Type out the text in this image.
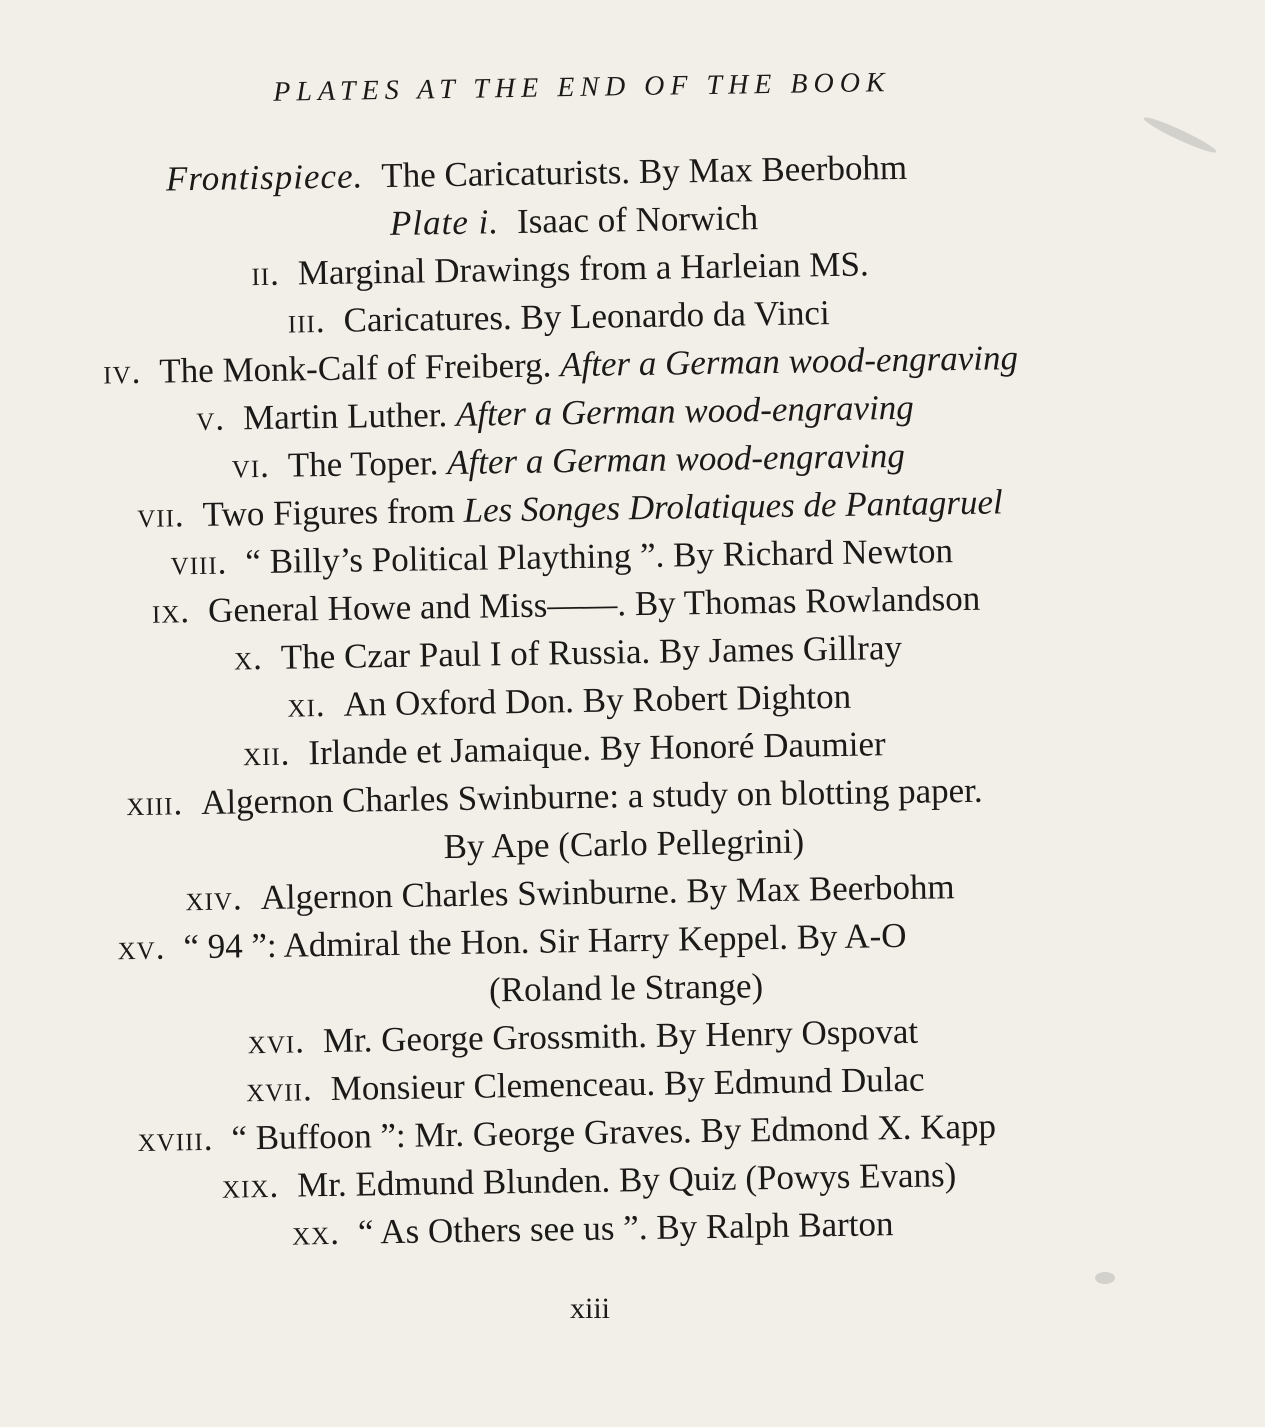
PLATES AT THE END OF THE BOOK
Frontispiece. The Caricaturists. By Max Beerbohm
Plate i. Isaac of Norwich
ii. Marginal Drawings from a Harleian MS.
iii. Caricatures. By Leonardo da Vinci
iv. The Monk-Calf of Freiberg. After a German wood-engraving
v. Martin Luther. After a German wood-engraving
vi. The Toper. After a German wood-engraving
vii. Two Figures from Les Songes Drolatiques de Pantagruel
viii. “ Billy’s Political Plaything ”. By Richard Newton
ix. General Howe and Miss——. By Thomas Rowlandson
x. The Czar Paul I of Russia. By James Gillray
xi. An Oxford Don. By Robert Dighton
xii. Irlande et Jamaique. By Honoré Daumier
xiii. Algernon Charles Swinburne: a study on blotting paper.
By Ape (Carlo Pellegrini)
xiv. Algernon Charles Swinburne. By Max Beerbohm
xv. “ 94 ”: Admiral the Hon. Sir Harry Keppel. By A-O
(Roland le Strange)
xvi. Mr. George Grossmith. By Henry Ospovat
xvii. Monsieur Clemenceau. By Edmund Dulac
xviii. “ Buffoon ”: Mr. George Graves. By Edmond X. Kapp
xix. Mr. Edmund Blunden. By Quiz (Powys Evans)
xx. “ As Others see us ”. By Ralph Barton
xiii
